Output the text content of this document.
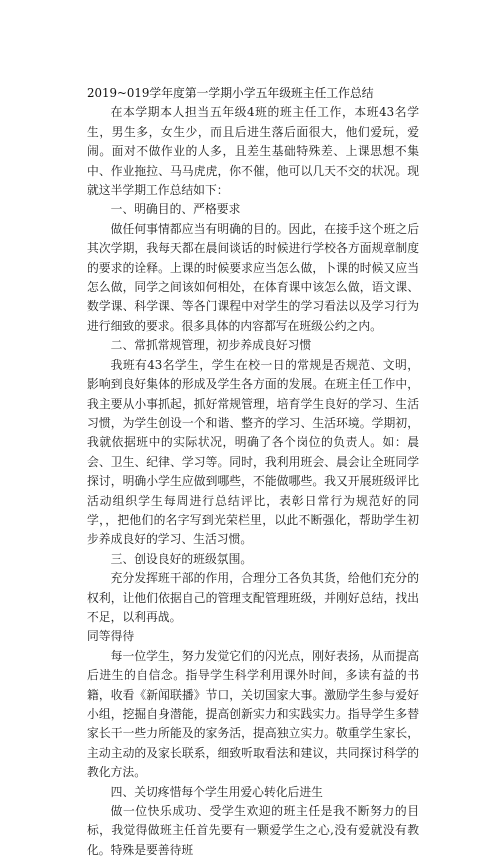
2019~019学年度第一学期小学五年级班主任工作总结

在本学期本人担当五年级4班的班主任工作，本班43名学生，男生多，女生少，而且后进生落后面很大，他们爱玩，爱闹。面对不做作业的人多，且差生基础特殊差、上课思想不集中、作业拖拉、马马虎虎，你不催，他可以几天不交的状况。现就这半学期工作总结如下：

一、明确目的、严格要求

做任何事情都应当有明确的目的。因此，在接手这个班之后其次学期，我每天都在晨间谈话的时候进行学校各方面规章制度的要求的诠释。上课的时候要求应当怎么做，卜课的时候又应当怎么做，同学之间该如何相处，在体育课中该怎么做，语文课、数学课、科学课、等各门课程中对学生的学习看法以及学习行为进行细致的要求。很多具体的内容都写在班级公约之内。

二、常抓常规管理，初步养成良好习惯

我班有43名学生，学生在校一日的常规是否规范、文明，影响到良好集体的形成及学生各方面的发展。在班主任工作中，我主要从小事抓起，抓好常规管理，培育学生良好的学习、生活习惯，为学生创设一个和谐、整齐的学习、生活环境。学期初，我就依据班中的实际状况，明确了各个岗位的负责人。如：晨会、卫生、纪律、学习等。同时，我利用班会、晨会让全班同学探讨，明确小学生应做到哪些，不能做哪些。我又开展班级评比活动组织学生每周进行总结评比，表彰日常行为规范好的同学，，把他们的名字写到光荣栏里，以此不断强化，帮助学生初步养成良好的学习、生活习惯。

三、创设良好的班级氛围。

充分发挥班干部的作用，合理分工各负其货，给他们充分的权利，让他们依据自己的管理支配管理班级，并刚好总结，找出不足，以利再战。

同等得待

每一位学生，努力发觉它们的闪光点，刚好表扬，从而提高后进生的自信念。指导学生科学利用课外时间，多读有益的书籍，收看《新闻联播》节口，关切国家大事。激励学生参与爱好小组，挖掘自身潜能，提高创新实力和实践实力。指导学生多替家长干一些力所能及的家务活，提高独立实力。敬重学生家长，主动主动的及家长联系，细致听取看法和建议，共同探讨科学的教化方法。

四、关切疼惜每个学生用爱心转化后进生

做一位快乐成功、受学生欢迎的班主任是我不断努力的目标，我觉得做班主任首先要有一颗爱学生之心,没有爱就没有教化。特殊是要善待班
